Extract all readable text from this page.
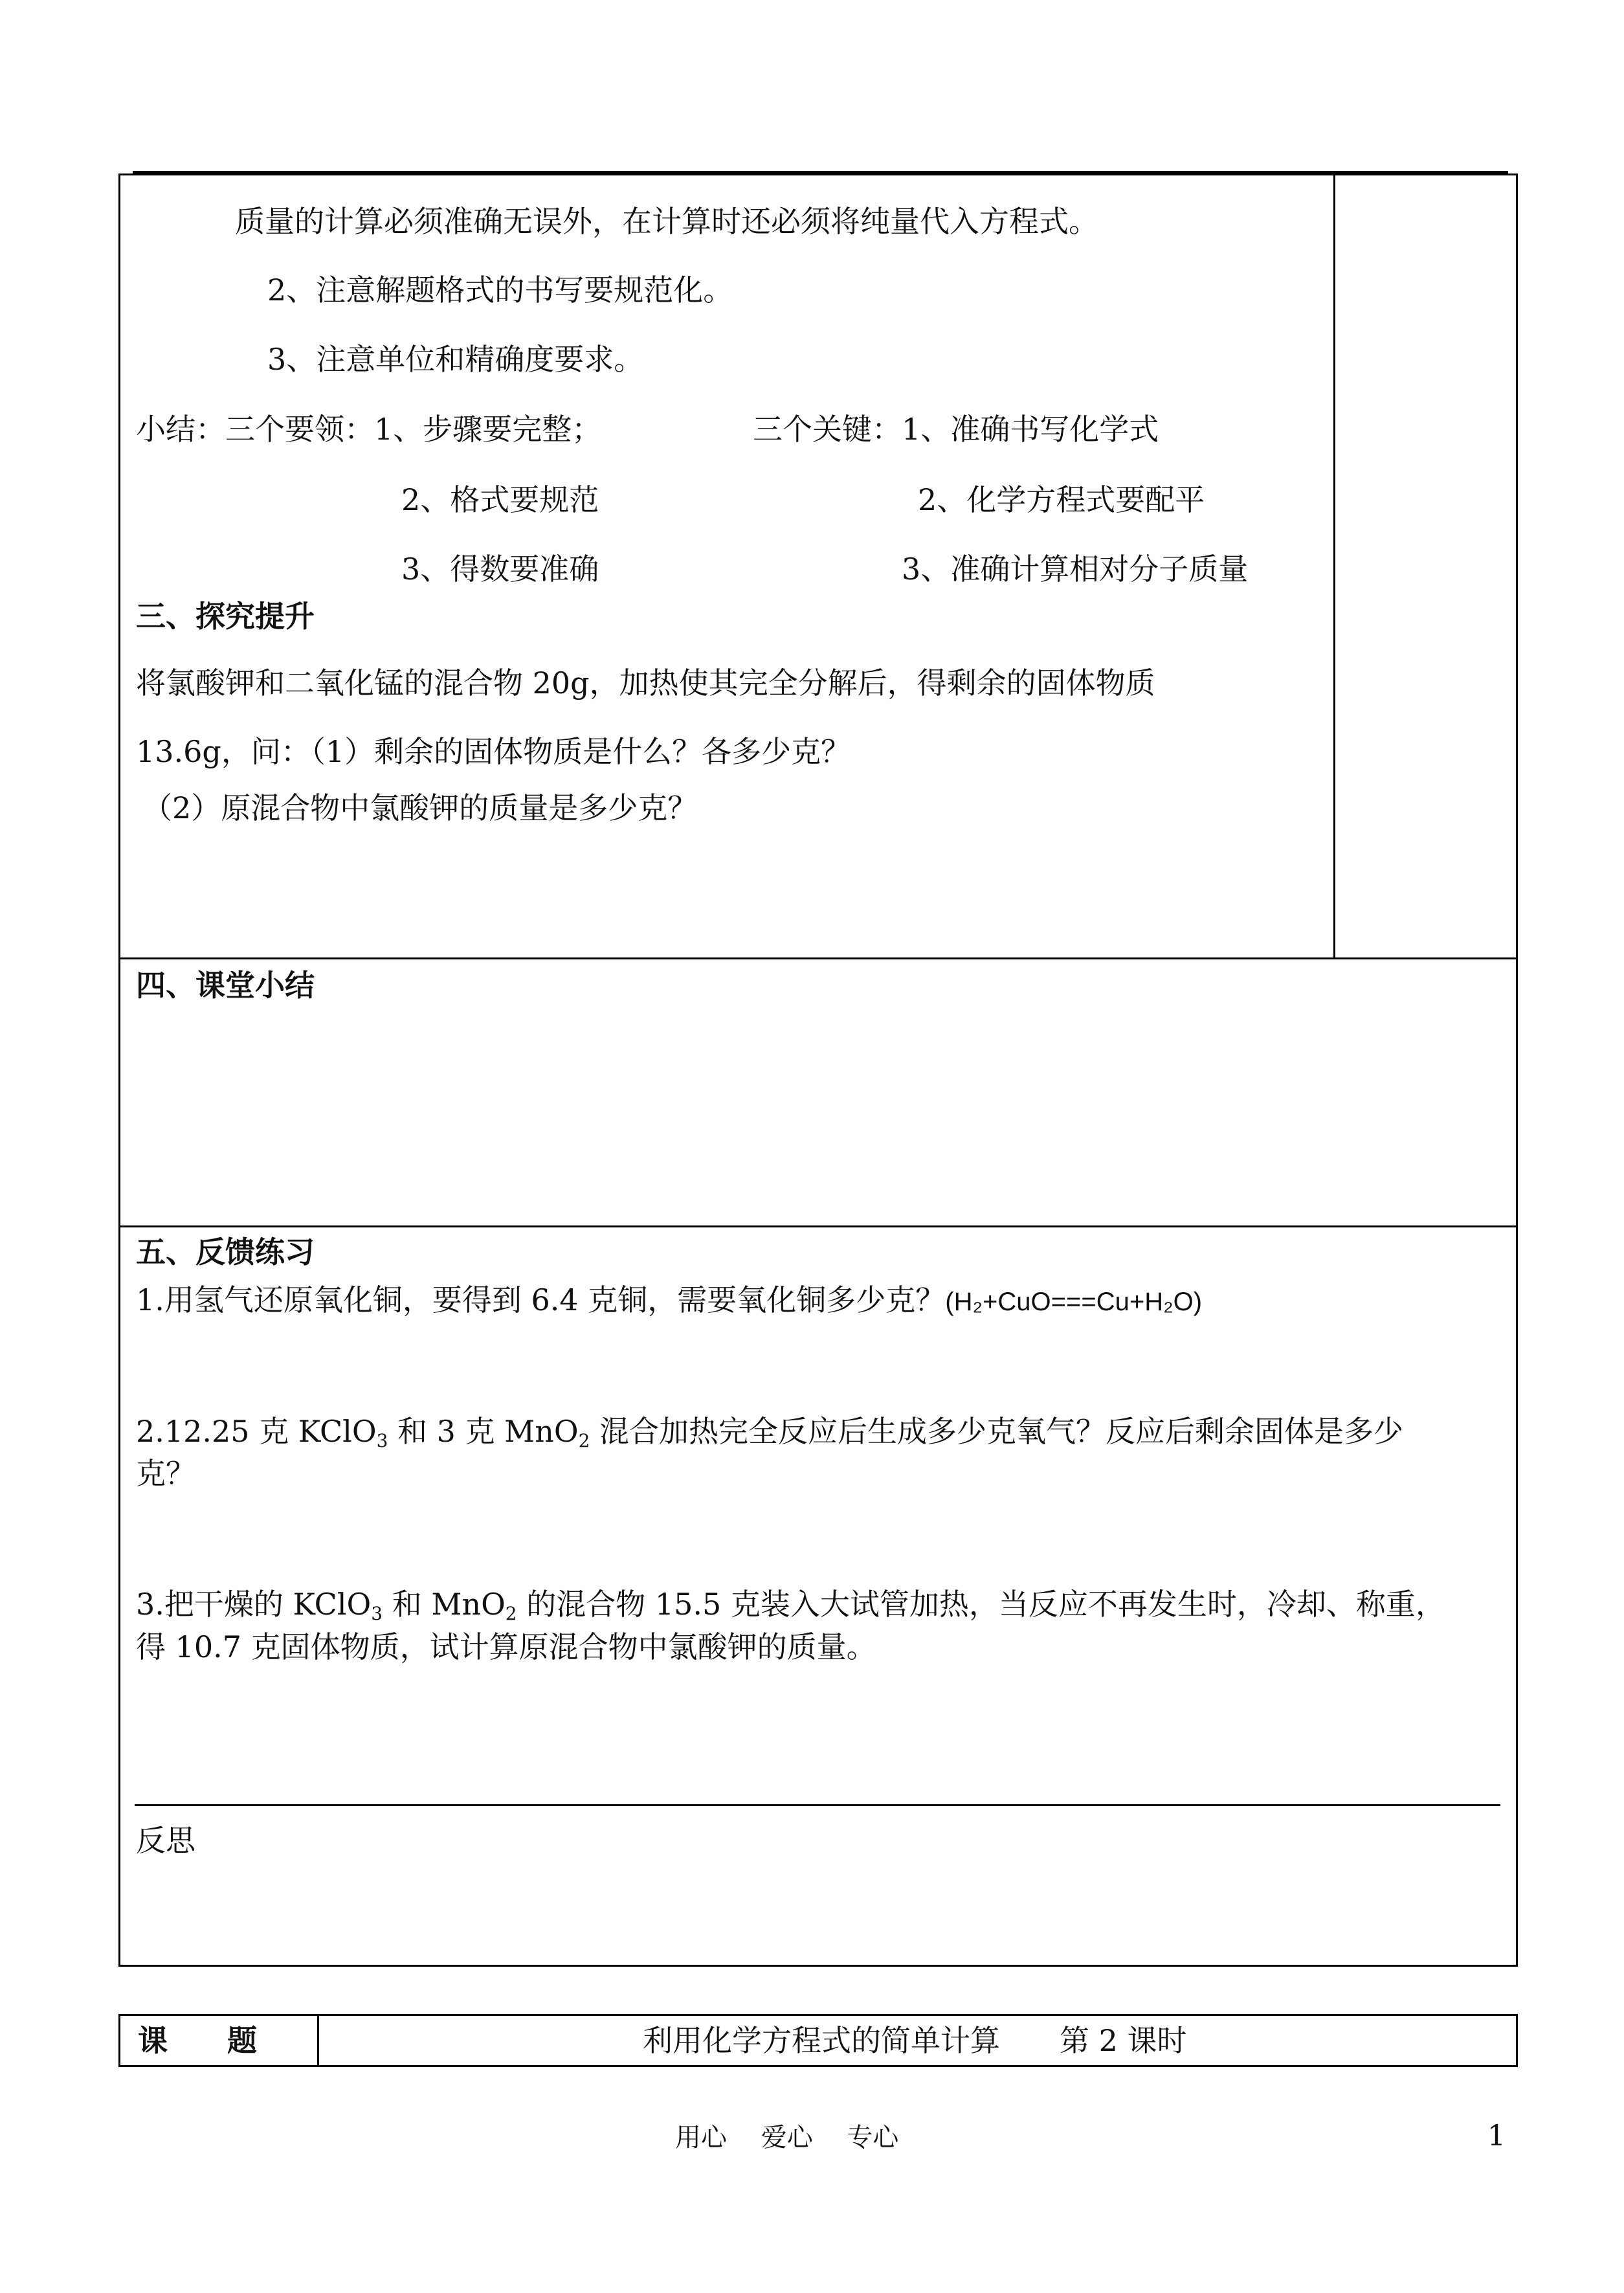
质量的计算必须准确无误外，在计算时还必须将纯量代入方程式。
2、注意解题格式的书写要规范化。
3、注意单位和精确度要求。
小结：三个要领：1、步骤要完整；	三个关键：1、准确书写化学式
2、格式要规范	2、化学方程式要配平
3、得数要准确	3、准确计算相对分子质量
三、探究提升
将氯酸钾和二氧化锰的混合物 20g，加热使其完全分解后，得剩余的固体物质
13.6g，问：（1）剩余的固体物质是什么？各多少克？
（2）原混合物中氯酸钾的质量是多少克？
四、课堂小结
五、反馈练习
1.用氢气还原氧化铜，要得到 6.4 克铜，需要氧化铜多少克？(H₂+CuO===Cu+H₂O)
2.12.25 克 KClO$_3$ 和 3 克 MnO$_2$ 混合加热完全反应后生成多少克氧气？反应后剩余固体是多少
克？
3.把干燥的 KClO$_3$ 和 MnO$_2$ 的混合物 15.5 克装入大试管加热，当反应不再发生时，冷却、称重，
得 10.7 克固体物质，试计算原混合物中氯酸钾的质量。
反思
课　　题	利用化学方程式的简单计算　　第 2 课时
用心　 爱心　 专心	1
